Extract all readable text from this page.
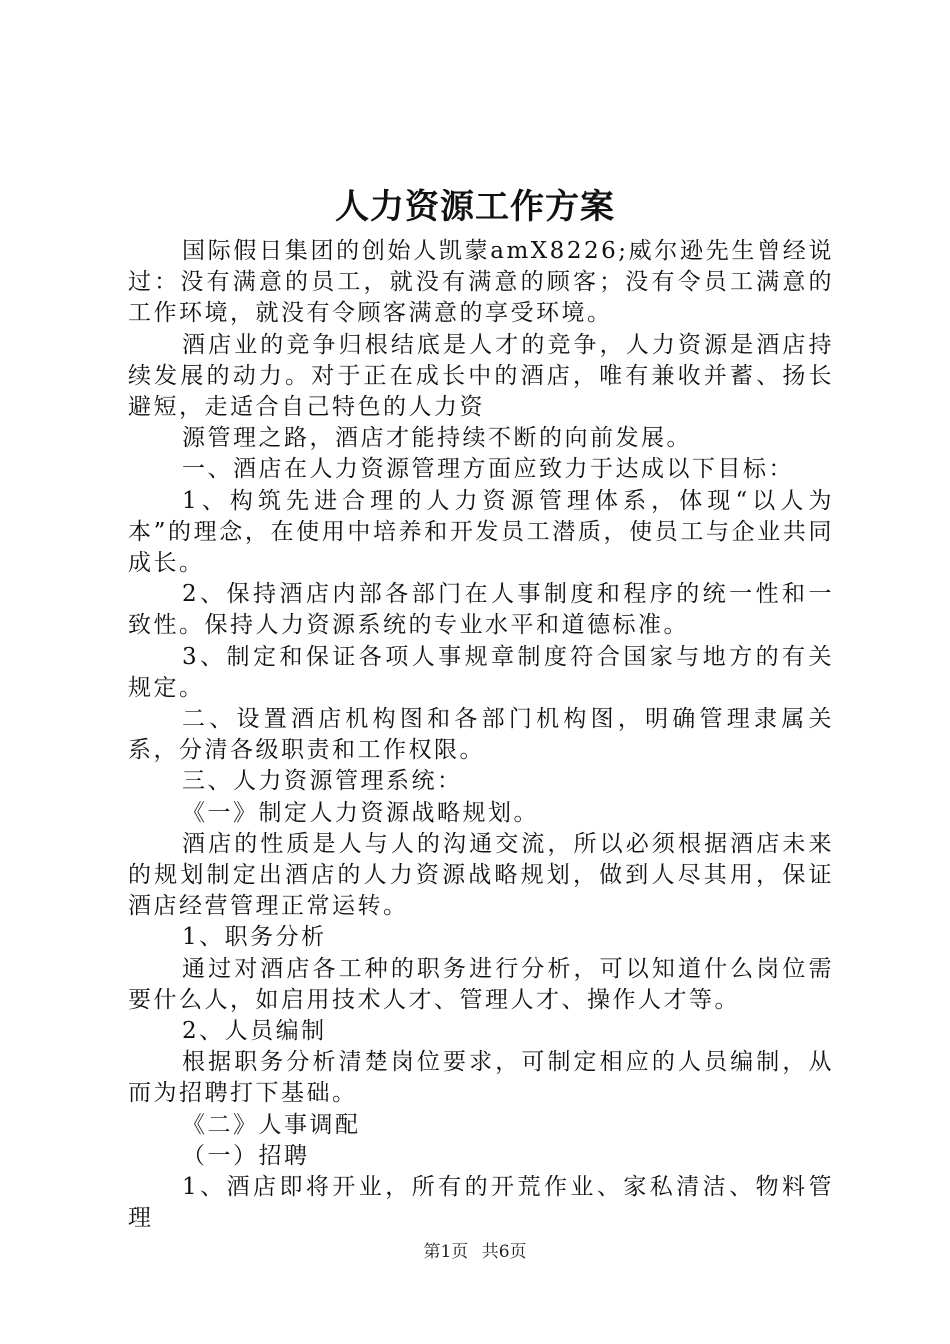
人力资源工作方案

国际假日集团的创始人凯蒙amX8226;威尔逊先生曾经说过：没有满意的员工，就没有满意的顾客；没有令员工满意的工作环境，就没有令顾客满意的享受环境。

酒店业的竞争归根结底是人才的竞争，人力资源是酒店持续发展的动力。对于正在成长中的酒店，唯有兼收并蓄、扬长避短，走适合自己特色的人力资

源管理之路，酒店才能持续不断的向前发展。

一、酒店在人力资源管理方面应致力于达成以下目标：

1、构筑先进合理的人力资源管理体系，体现“以人为本”的理念，在使用中培养和开发员工潜质，使员工与企业共同成长。

2、保持酒店内部各部门在人事制度和程序的统一性和一致性。保持人力资源系统的专业水平和道德标准。

3、制定和保证各项人事规章制度符合国家与地方的有关规定。

二、设置酒店机构图和各部门机构图，明确管理隶属关系，分清各级职责和工作权限。

三、人力资源管理系统：

《一》制定人力资源战略规划。

酒店的性质是人与人的沟通交流，所以必须根据酒店未来的规划制定出酒店的人力资源战略规划，做到人尽其用，保证酒店经营管理正常运转。

1、职务分析

通过对酒店各工种的职务进行分析，可以知道什么岗位需要什么人，如启用技术人才、管理人才、操作人才等。

2、人员编制

根据职务分析清楚岗位要求，可制定相应的人员编制，从而为招聘打下基础。

《二》人事调配

（一）招聘

1、酒店即将开业，所有的开荒作业、家私清洁、物料管理

第1页 共6页
